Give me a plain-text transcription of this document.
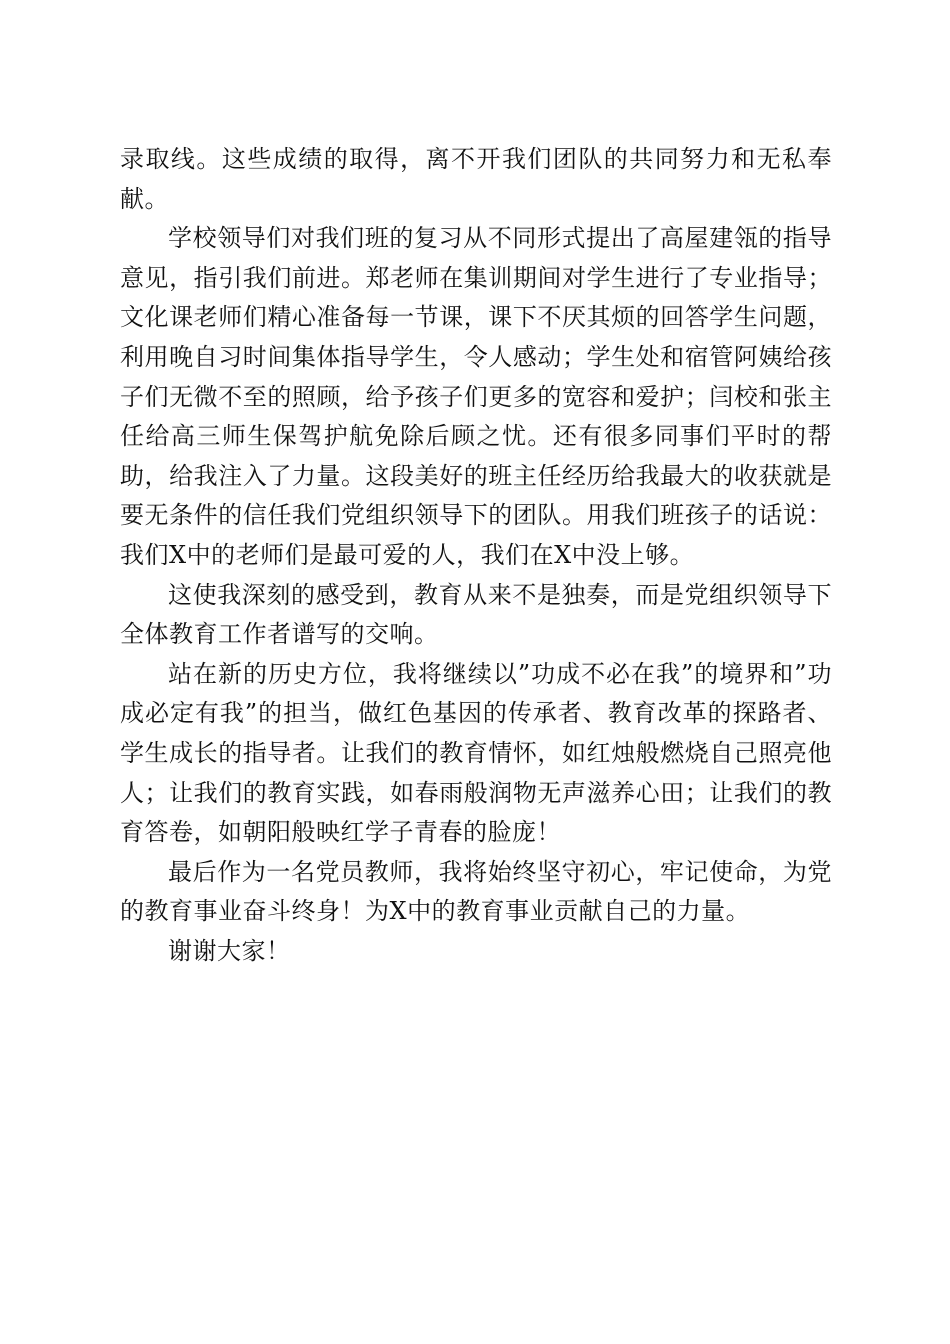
录取线。这些成绩的取得，离不开我们团队的共同努力和无私奉献。

学校领导们对我们班的复习从不同形式提出了高屋建瓴的指导意见，指引我们前进。郑老师在集训期间对学生进行了专业指导；文化课老师们精心准备每一节课，课下不厌其烦的回答学生问题，利用晚自习时间集体指导学生，令人感动；学生处和宿管阿姨给孩子们无微不至的照顾，给予孩子们更多的宽容和爱护；闫校和张主任给高三师生保驾护航免除后顾之忧。还有很多同事们平时的帮助，给我注入了力量。这段美好的班主任经历给我最大的收获就是要无条件的信任我们党组织领导下的团队。用我们班孩子的话说：我们X中的老师们是最可爱的人，我们在X中没上够。

这使我深刻的感受到，教育从来不是独奏，而是党组织领导下全体教育工作者谱写的交响。

站在新的历史方位，我将继续以”功成不必在我”的境界和”功成必定有我”的担当，做红色基因的传承者、教育改革的探路者、学生成长的指导者。让我们的教育情怀，如红烛般燃烧自己照亮他人；让我们的教育实践，如春雨般润物无声滋养心田；让我们的教育答卷，如朝阳般映红学子青春的脸庞！

最后作为一名党员教师，我将始终坚守初心，牢记使命，为党的教育事业奋斗终身！为X中的教育事业贡献自己的力量。

谢谢大家！
